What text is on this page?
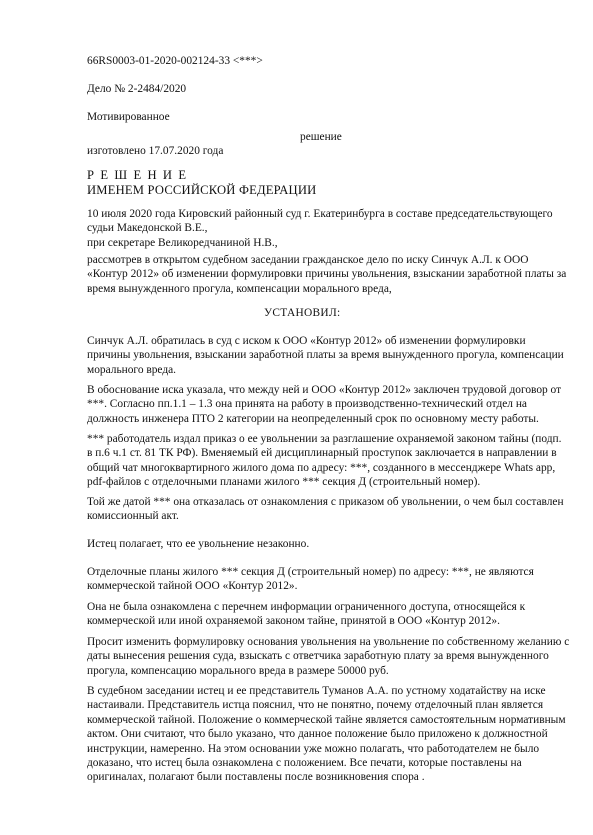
66RS0003-01-2020-002124-33 <***>
Дело № 2-2484/2020
Мотивированное
решение
изготовлено 17.07.2020 года
Р Е Ш Е Н И Е
ИМЕНЕМ РОССИЙСКОЙ ФЕДЕРАЦИИ
10 июля 2020 года Кировский районный суд г. Екатеринбурга в составе председательствующего
судьи Македонской В.Е.,
при секретаре Великоредчаниной Н.В.,
рассмотрев в открытом судебном заседании гражданское дело по иску Синчук А.Л. к ООО
«Контур 2012» об изменении формулировки причины увольнения, взыскании заработной платы за
время вынужденного прогула, компенсации морального вреда,
УСТАНОВИЛ:
Синчук А.Л. обратилась в суд с иском к ООО «Контур 2012» об изменении формулировки
причины увольнения, взыскании заработной платы за время вынужденного прогула, компенсации
морального вреда.
В обоснование иска указала, что между ней и ООО «Контур 2012» заключен трудовой договор от
***. Согласно пп.1.1 – 1.3 она принята на работу в производственно-технический отдел на
должность инженера ПТО 2 категории на неопределенный срок по основному месту работы.
*** работодатель издал приказ о ее увольнении за разглашение охраняемой законом тайны (подп.
в п.6 ч.1 ст. 81 ТК РФ). Вменяемый ей дисциплинарный проступок заключается в направлении в
общий чат многоквартирного жилого дома по адресу: ***, созданного в мессенджере Whats app,
pdf-файлов с отделочными планами жилого *** секция Д (строительный номер).
Той же датой *** она отказалась от ознакомления с приказом об увольнении, о чем был составлен
комиссионный акт.
Истец полагает, что ее увольнение незаконно.
Отделочные планы жилого *** секция Д (строительный номер) по адресу: ***, не являются
коммерческой тайной ООО «Контур 2012».
Она не была ознакомлена с перечнем информации ограниченного доступа, относящейся к
коммерческой или иной охраняемой законом тайне, принятой в ООО «Контур 2012».
Просит изменить формулировку основания увольнения на увольнение по собственному желанию с
даты вынесения решения суда, взыскать с ответчика заработную плату за время вынужденного
прогула, компенсацию морального вреда в размере 50000 руб.
В судебном заседании истец и ее представитель Туманов А.А. по устному ходатайству на иске
настаивали. Представитель истца пояснил, что не понятно, почему отделочный план является
коммерческой тайной. Положение о коммерческой тайне является самостоятельным нормативным
актом. Они считают, что было указано, что данное положение было приложено к должностной
инструкции, намеренно. На этом основании уже можно полагать, что работодателем не было
доказано, что истец была ознакомлена с положением. Все печати, которые поставлены на
оригиналах, полагают были поставлены после возникновения спора .
